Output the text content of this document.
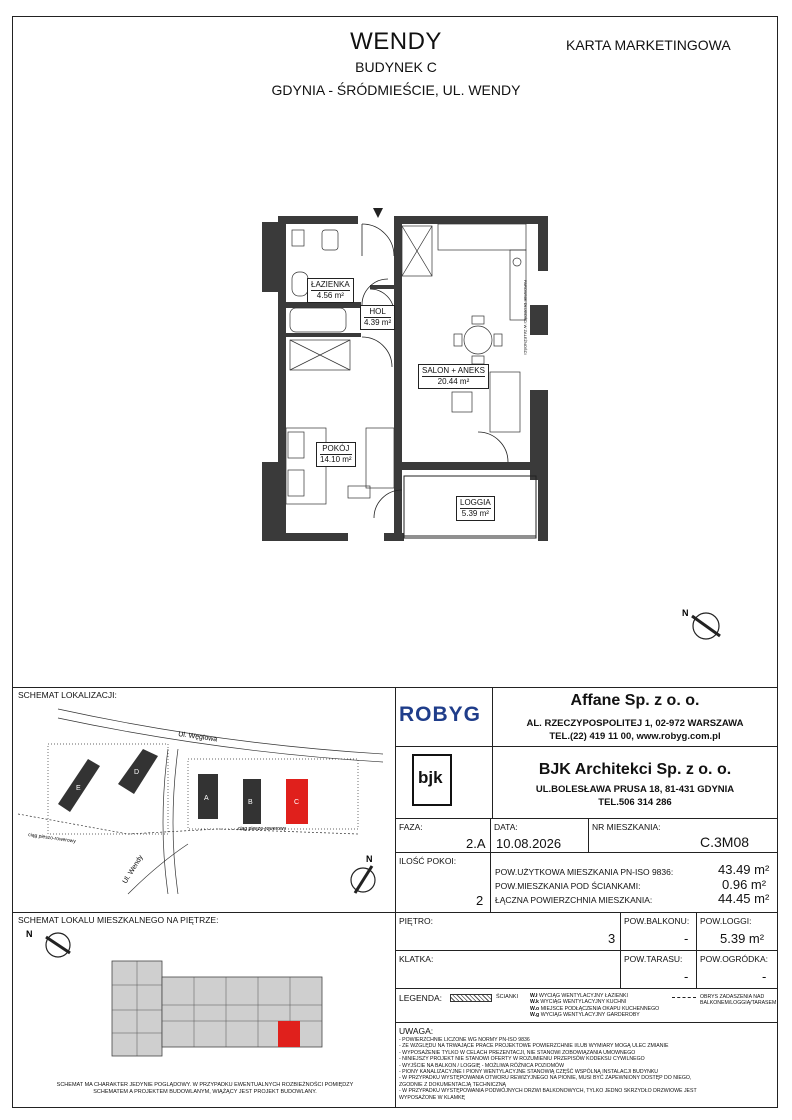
WENDY
BUDYNEK C
GDYNIA - ŚRÓDMIEŚCIE, UL. WENDY
KARTA MARKETINGOWA
PAROWNIK DŁUGOŚCI W ZALEŻNOŚCI
ŁAZIENKA
4.56 m²
HOL
4.39 m²
SALON + ANEKS
20.44 m²
POKÓJ
14.10 m²
LOGGIA
5.39 m²
N
SCHEMAT LOKALIZACJI:
E
D
A
B	C
Ul. Węglowa
Ul. Wendy
ciąg pieszo-rowerowy
ciąg pieszo-rowerowy
N
SCHEMAT LOKALU MIESZKALNEGO NA PIĘTRZE:
N
SCHEMAT MA CHARAKTER JEDYNIE POGLĄDOWY. W PRZYPADKU EWENTUALNYCH ROZBIEŻNOŚCI POMIĘDZY SCHEMATEM A PROJEKTEM BUDOWLANYM, WIĄŻĄCY JEST PROJEKT BUDOWLANY.
ROBYG
Affane Sp. z o. o.
AL. RZECZYPOSPOLITEJ 1, 02-972 WARSZAWA
TEL.(22) 419 11 00, www.robyg.com.pl
bjk	BJK Architekci Sp. z o. o.
UL.BOLESŁAWA PRUSA 18, 81-431 GDYNIA
TEL.506 314 286
FAZA:
2.A
DATA:
10.08.2026
NR MIESZKANIA:
C.3M08
ILOŚĆ POKOI:
2
POW.UŻYTKOWA MIESZKANIA PN-ISO 9836:	43.49 m²
POW.MIESZKANIA POD ŚCIANKAMI:	0.96 m²
ŁĄCZNA POWIERZCHNIA MIESZKANIA:	44.45 m²
PIĘTRO:
3
POW.BALKONU:
-
POW.LOGGI:
5.39 m²
KLATKA:	POW.TARASU:
-
POW.OGRÓDKA:
-
LEGENDA:	ŚCIANKI W.ł WYCIĄG WENTYLACYJNY ŁAZIENKI
W.k WYCIĄG WENTYLACYJNY KUCHNI
W.o MIEJSCE PODŁĄCZENIA OKAPU KUCHENNEGO
W.g WYCIĄG WENTYLACYJNY GARDEROBY
OBRYS ZADASZENIA NAD BALKONEM/LOGGIĄ/TARASEM
UWAGA:
- POWIERZCHNIE LICZONE WG NORMY PN-ISO 9836
- ZE WZGLĘDU NA TRWAJĄCE PRACE PROJEKTOWE POWIERZCHNIE I/LUB WYMIARY MOGĄ ULEC ZMIANIE
- WYPOSAŻENIE TYLKO W CELACH PREZENTACJI, NIE STANOWI ZOBOWIĄZANIA UMOWNEGO
- NINIEJSZY PROJEKT NIE STANOWI OFERTY W ROZUMIENIU PRZEPISÓW KODEKSU CYWILNEGO
- WYJŚCIE NA BALKON / LOGGIĘ - MOŻLIWA RÓŻNICA POZIOMÓW
- PIONY KANALIZACYJNE I PIONY WENTYLACYJNE STANOWIĄ CZĘŚĆ WSPÓLNĄ INSTALACJI BUDYNKU
- W PRZYPADKU WYSTĘPOWANIA OTWORU REWIZYJNEGO NA PIONIE, MUSI BYĆ ZAPEWNIONY DOSTĘP DO NIEGO, ZGODNIE Z DOKUMENTACJĄ TECHNICZNĄ
- W PRZYPADKU WYSTĘPOWANIA PODWÓJNYCH DRZWI BALKONOWYCH, TYLKO JEDNO SKRZYDŁO DRZWIOWE JEST WYPOSAŻONE W KLAMKĘ
